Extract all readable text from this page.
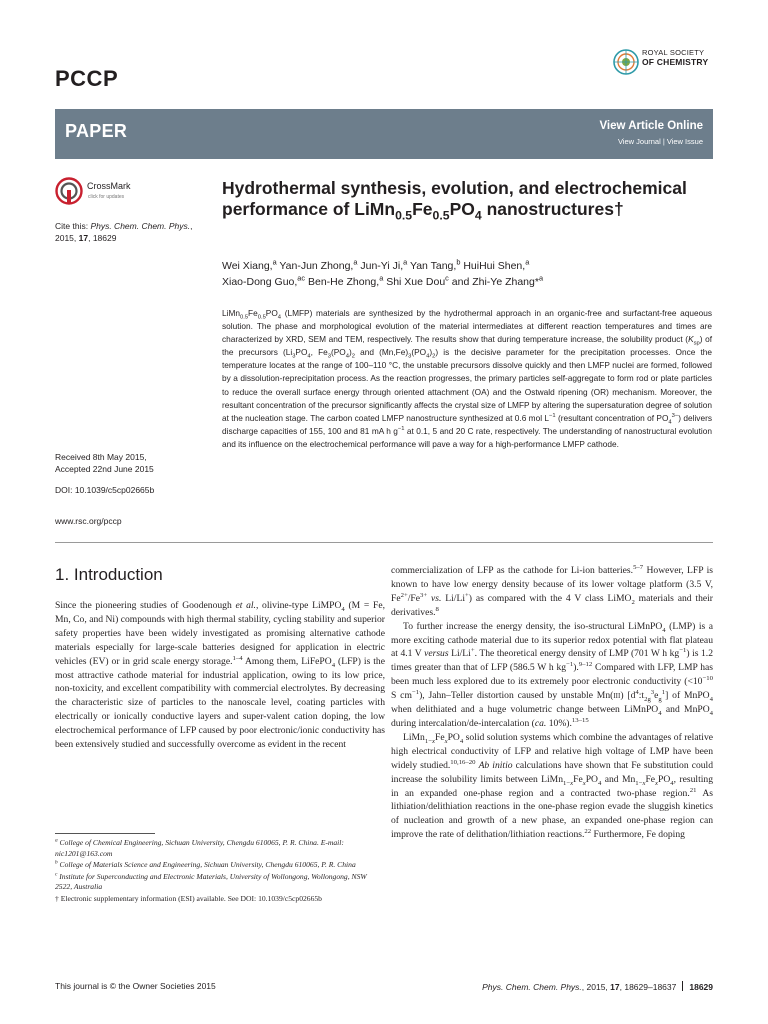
PCCP
ROYAL SOCIETY
OF CHEMISTRY
PAPER	View Article Online
View Journal | View Issue
CrossMark
click for updates
Cite this: Phys. Chem. Chem. Phys.,
2015, 17, 18629
Received 8th May 2015,
Accepted 22nd June 2015
DOI: 10.1039/c5cp02665b
www.rsc.org/pccp
Hydrothermal synthesis, evolution, and electrochemical performance of $LiMn_{0.5}Fe_{0.5}PO_4$ nanostructures†
Wei Xiang,$^a$ Yan-Jun Zhong,$^a$ Jun-Yi Ji,$^a$ Yan Tang,$^b$ HuiHui Shen,$^a$
Xiao-Dong Guo,$^{ac}$ Ben-He Zhong,$^a$ Shi Xue Dou$^c$ and Zhi-Ye Zhang*$^a$
$LiMn_{0.5}Fe_{0.5}PO_4$ (LMFP) materials are synthesized by the hydrothermal approach in an organic-free and surfactant-free aqueous solution. The phase and morphological evolution of the material intermediates at different reaction temperatures and times are characterized by XRD, SEM and TEM, respectively. The results show that during temperature increase, the solubility product $(K_{sp})$ of the precursors ($Li_3PO_4$, $Fe_3(PO_4)_2$ and $(Mn,Fe)_3(PO_4)_2$) is the decisive parameter for the precipitation processes. Once the temperature locates at the range of 100–110 °C, the unstable precursors dissolve quickly and then LMFP nuclei are formed, followed by a dissolution-reprecipitation process. As the reaction progresses, the primary particles self-aggregate to form rod or plate particles to reduce the overall surface energy through oriented attachment (OA) and the Ostwald ripening (OR) mechanism. Moreover, the resultant concentration of the precursor significantly affects the crystal size of LMFP by altering the supersaturation degree of solution at the nucleation stage. The carbon coated LMFP nanostructure synthesized at 0.6 mol $L^{-1}$ (resultant concentration of $PO_4^{3-}$) delivers discharge capacities of 155, 100 and 81 mA h $g^{-1}$ at 0.1, 5 and 20 C rate, respectively. The understanding of nanostructural evolution and its influence on the electrochemical performance will pave a way for a high-performance LMFP cathode.
1. Introduction

Since the pioneering studies of Goodenough et al., olivine-type LiMPO$_4$ (M = Fe, Mn, Co, and Ni) compounds with high thermal stability, cycling stability and superior safety properties have been widely investigated as promising alternative cathode materials especially for large-scale batteries designed for application in electric vehicles (EV) or in grid scale energy storage.$^{1-4}$ Among them, LiFePO$_4$ (LFP) is the most attractive cathode material for industrial application, owing to its low price, non-toxicity, and excellent compatibility with commercial electrolytes. By decreasing the characteristic size of particles to the nanoscale level, coating particles with electrically or ionically conductive layers and super-valent cation doping, the low electrochemical performance of LFP caused by poor electronic/ionic conductivity has been extensively studied and successfully overcome as evident in the recent

$^a$ College of Chemical Engineering, Sichuan University, Chengdu 610065, P. R. China. E-mail: nic1201@163.com
$^b$ College of Materials Science and Engineering, Sichuan University, Chengdu 610065, P. R. China
$^c$ Institute for Superconducting and Electronic Materials, University of Wollongong, Wollongong, NSW 2522, Australia
† Electronic supplementary information (ESI) available. See DOI: 10.1039/c5cp02665b

commercialization of LFP as the cathode for Li-ion batteries.$^{5-7}$ However, LFP is known to have low energy density because of its lower voltage platform (3.5 V, $Fe^{2+}/Fe^{3+}$ vs. Li/Li+) as compared with the 4 V class LiMO$_2$ materials and their derivatives.$^8$

To further increase the energy density, the iso-structural LiMnPO$_4$ (LMP) is a more exciting cathode material due to its superior redox potential with flat plateau at 4.1 V versus Li/Li+. The theoretical energy density of LMP (701 W h $kg^{-1}$) is 1.2 times greater than that of LFP (586.5 W h $kg^{-1}).^{9-12}$ Compared with LFP, LMP has been much less explored due to its extremely poor electronic conductivity ($<10^{-10}$ S $cm^{-1}$), Jahn–Teller distortion caused by unstable Mn(iii) $[d^4:t_{2g}^3e_g^1]$ of MnPO$_4$ when delithiated and a huge volumetric change between LiMnPO$_4$ and MnPO$_4$ during intercalation/de-intercalation (ca. 10%).$^{13-15}$

$LiMn_{1-x}Fe_xPO_4$ solid solution systems which combine the advantages of relative high electrical conductivity of LFP and relative high voltage of LMP have been widely studied.$^{10,16-20}$ Ab initio calculations have shown that Fe substitution could increase the solubility limits between $LiMn_{1-x}Fe_xPO_4$ and $Mn_{1-x}Fe_xPO_4$, resulting in an expanded one-phase region and a contracted two-phase region.$^{21}$ As lithiation/delithiation reactions in the one-phase region evade the sluggish kinetics of nucleation and growth of a new phase, an expanded one-phase region can improve the rate of delithation/lithiation reactions.$^{22}$ Furthermore, Fe doping

This journal is © the Owner Societies 2015	Phys. Chem. Chem. Phys., 2015, 17, 18629–18637 18629
